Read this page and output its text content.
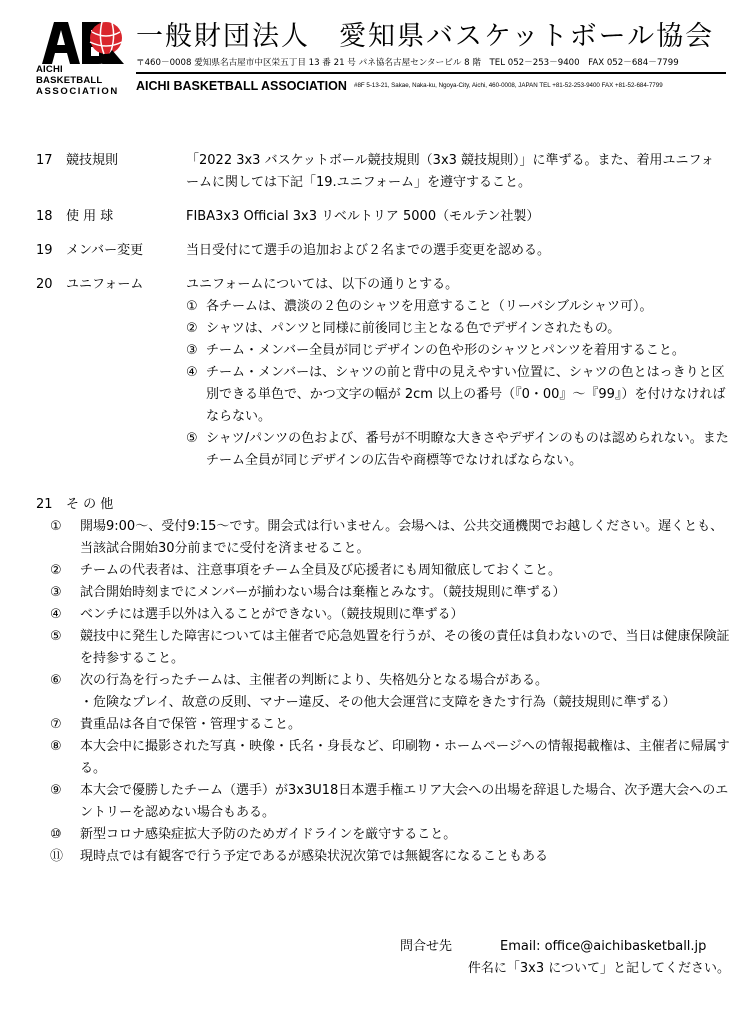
AICHI BASKETBALL
ASSOCIATION
一般財団法人　愛知県バスケットボール協会
〒460－0008 愛知県名古屋市中区栄五丁目 13 番 21 号 パネ協名古屋センタービル 8 階　TEL 052－253－9400　FAX 052－684－7799
AICHI BASKETBALL ASSOCIATION #8F 5-13-21, Sakae, Naka-ku, Ngoya-City, Aichi, 460-0008, JAPAN TEL +81-52-253-9400 FAX +81-52-684-7799
17	競技規則	「2022 3x3 バスケットボール競技規則（3x3 競技規則）」に準ずる。また、着用ユニフォ

ームに関しては下記「19.ユニフォーム」を遵守すること。

18	使 用 球	FIBA3x3 Official 3x3 リベルトリア 5000（モルテン社製）

19	メンバー変更	当日受付にて選手の追加および２名までの選手変更を認める。

20	ユニフォーム	ユニフォームについては、以下の通りとする。

① 各チームは、濃淡の２色のシャツを用意すること（リーバシブルシャツ可）。
② シャツは、パンツと同様に前後同じ主となる色でデザインされたもの。
③ チーム・メンバー全員が同じデザインの色や形のシャツとパンツを着用すること。
④ チーム・メンバーは、シャツの前と背中の見えやすい位置に、シャツの色とはっきりと区別できる単色で、かつ文字の幅が 2cm 以上の番号（『0・00』～『99』）を付けなければならない。
⑤ シャツ/パンツの色および、番号が不明瞭な大きさやデザインのものは認められない。またチーム全員が同じデザインの広告や商標等でなければならない。
21	そ の 他
① 開場9:00～、受付9:15～です。開会式は行いません。会場へは、公共交通機関でお越しください。遅くとも、当該試合開始30分前までに受付を済ませること。
② チームの代表者は、注意事項をチーム全員及び応援者にも周知徹底しておくこと。
③ 試合開始時刻までにメンバーが揃わない場合は棄権とみなす。（競技規則に準ずる）
④ ベンチには選手以外は入ることができない。（競技規則に準ずる）
⑤ 競技中に発生した障害については主催者で応急処置を行うが、その後の責任は負わないので、当日は健康保険証を持参すること。
⑥ 次の行為を行ったチームは、主催者の判断により、失格処分となる場合がある。
・危険なプレイ、故意の反則、マナー違反、その他大会運営に支障をきたす行為（競技規則に準ずる）
⑦ 貴重品は各自で保管・管理すること。
⑧ 本大会中に撮影された写真・映像・氏名・身長など、印刷物・ホームページへの情報掲載権は、主催者に帰属する。
⑨ 本大会で優勝したチーム（選手）が3x3U18日本選手権エリア大会への出場を辞退した場合、次予選大会へのエントリーを認めない場合もある。
⑩ 新型コロナ感染症拡大予防のためガイドラインを厳守すること。
⑪ 現時点では有観客で行う予定であるが感染状況次第では無観客になることもある
問合せ先	Email: office@aichibasketball.jp
件名に「3x3 について」と記してください。
